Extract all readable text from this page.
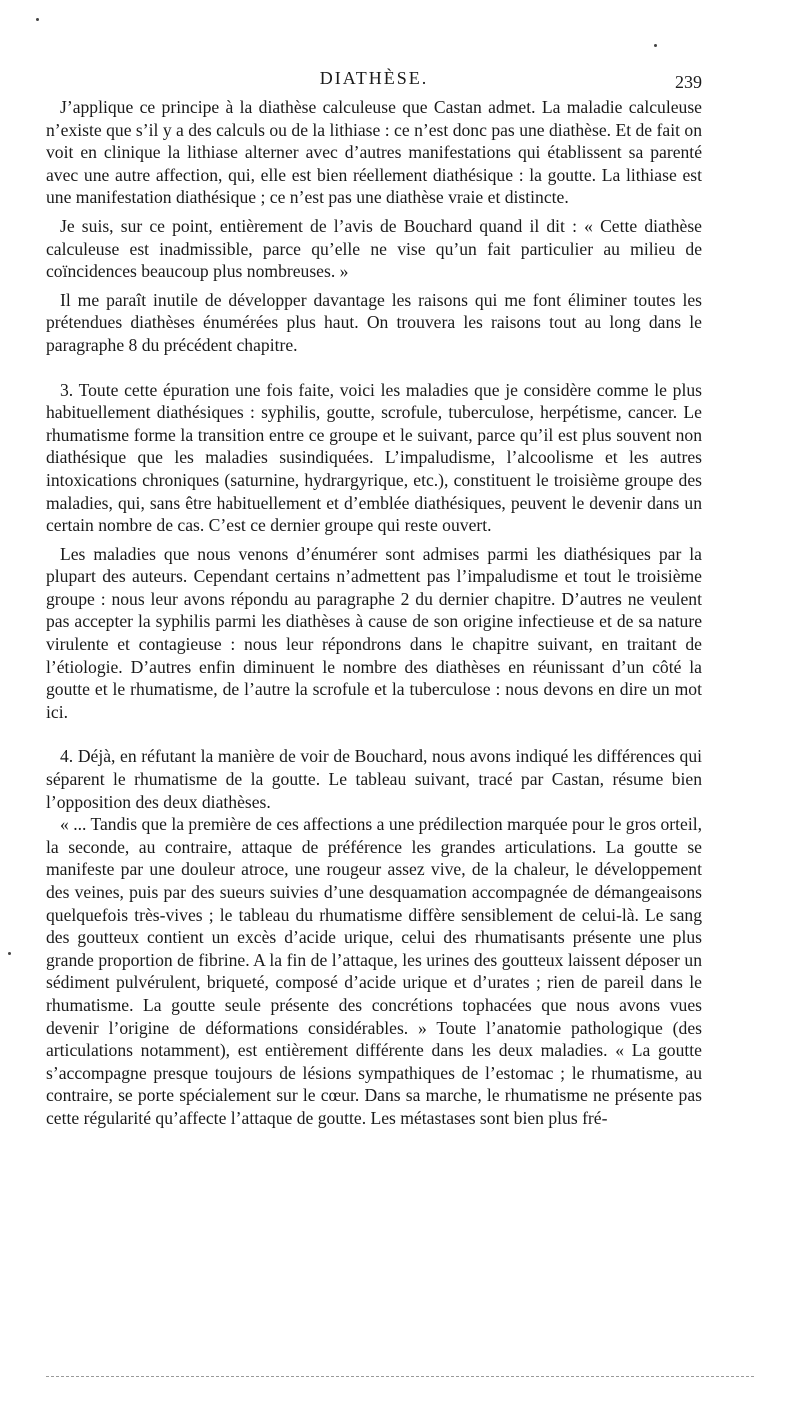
DIATHÈSE.	239

J’applique ce principe à la diathèse calculeuse que Castan admet. La maladie calculeuse n’existe que s’il y a des calculs ou de la lithiase : ce n’est donc pas une diathèse. Et de fait on voit en clinique la lithiase alterner avec d’autres manifestations qui établissent sa parenté avec une autre affection, qui, elle est bien réellement diathésique : la goutte. La lithiase est une manifestation diathésique ; ce n’est pas une diathèse vraie et distincte.

Je suis, sur ce point, entièrement de l’avis de Bouchard quand il dit : « Cette diathèse calculeuse est inadmissible, parce qu’elle ne vise qu’un fait particulier au milieu de coïncidences beaucoup plus nombreuses. »

Il me paraît inutile de développer davantage les raisons qui me font éliminer toutes les prétendues diathèses énumérées plus haut. On trouvera les raisons tout au long dans le paragraphe 8 du précédent chapitre.

3. Toute cette épuration une fois faite, voici les maladies que je considère comme le plus habituellement diathésiques : syphilis, goutte, scrofule, tuberculose, herpétisme, cancer. Le rhumatisme forme la transition entre ce groupe et le suivant, parce qu’il est plus souvent non diathésique que les maladies susindiquées. L’impaludisme, l’alcoolisme et les autres intoxications chroniques (saturnine, hydrargyrique, etc.), constituent le troisième groupe des maladies, qui, sans être habituellement et d’emblée diathésiques, peuvent le devenir dans un certain nombre de cas. C’est ce dernier groupe qui reste ouvert.

Les maladies que nous venons d’énumérer sont admises parmi les diathésiques par la plupart des auteurs. Cependant certains n’admettent pas l’impaludisme et tout le troisième groupe : nous leur avons répondu au paragraphe 2 du dernier chapitre. D’autres ne veulent pas accepter la syphilis parmi les diathèses à cause de son origine infectieuse et de sa nature virulente et contagieuse : nous leur répondrons dans le chapitre suivant, en traitant de l’étiologie. D’autres enfin diminuent le nombre des diathèses en réunissant d’un côté la goutte et le rhumatisme, de l’autre la scrofule et la tuberculose : nous devons en dire un mot ici.

4. Déjà, en réfutant la manière de voir de Bouchard, nous avons indiqué les différences qui séparent le rhumatisme de la goutte. Le tableau suivant, tracé par Castan, résume bien l’opposition des deux diathèses.

« ... Tandis que la première de ces affections a une prédilection marquée pour le gros orteil, la seconde, au contraire, attaque de préférence les grandes articulations. La goutte se manifeste par une douleur atroce, une rougeur assez vive, de la chaleur, le développement des veines, puis par des sueurs suivies d’une desquamation accompagnée de démangeaisons quelquefois très-vives ; le tableau du rhumatisme diffère sensiblement de celui-là. Le sang des goutteux contient un excès d’acide urique, celui des rhumatisants présente une plus grande proportion de fibrine. A la fin de l’attaque, les urines des goutteux laissent déposer un sédiment pulvérulent, briqueté, composé d’acide urique et d’urates ; rien de pareil dans le rhumatisme. La goutte seule présente des concrétions tophacées que nous avons vues devenir l’origine de déformations considérables. » Toute l’anatomie pathologique (des articulations notamment), est entièrement différente dans les deux maladies. « La goutte s’accompagne presque toujours de lésions sympathiques de l’estomac ; le rhumatisme, au contraire, se porte spécialement sur le cœur. Dans sa marche, le rhumatisme ne présente pas cette régularité qu’affecte l’attaque de goutte. Les métastases sont bien plus fré-
